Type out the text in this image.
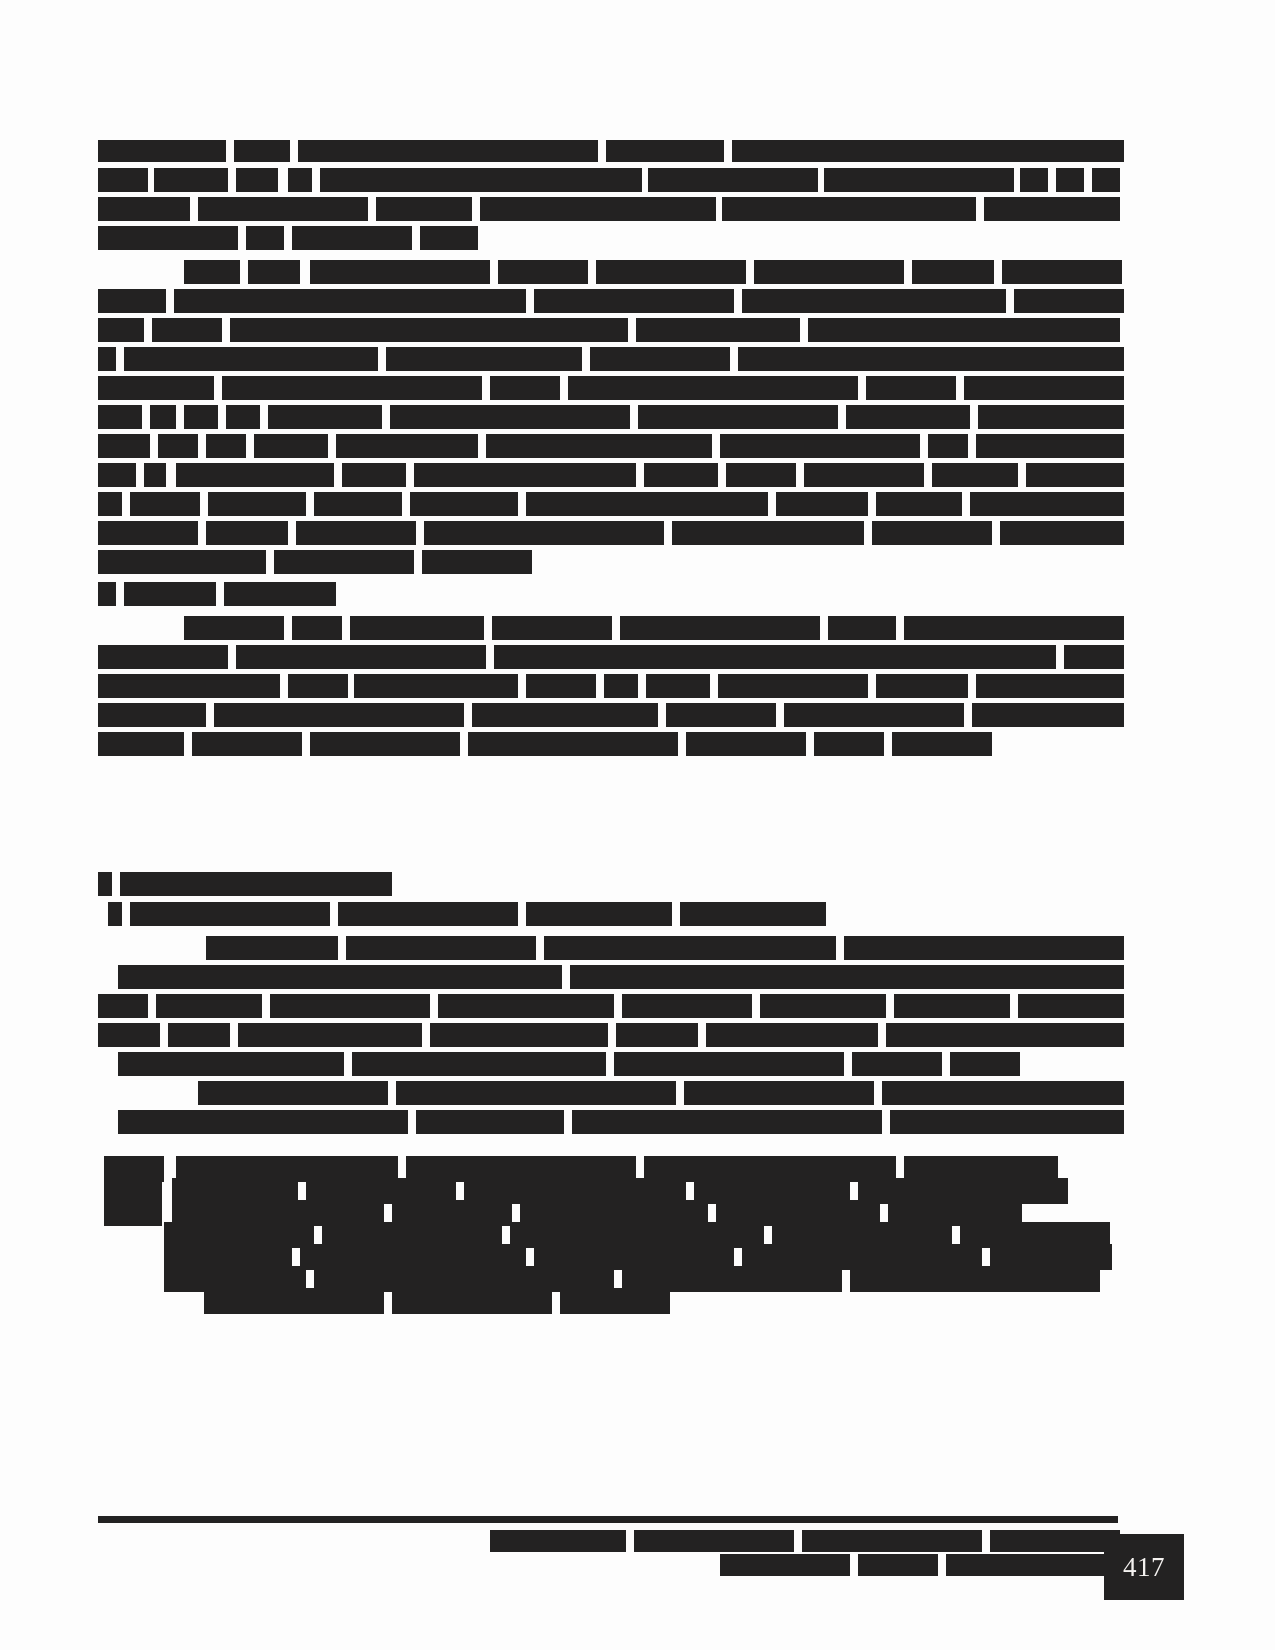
417
